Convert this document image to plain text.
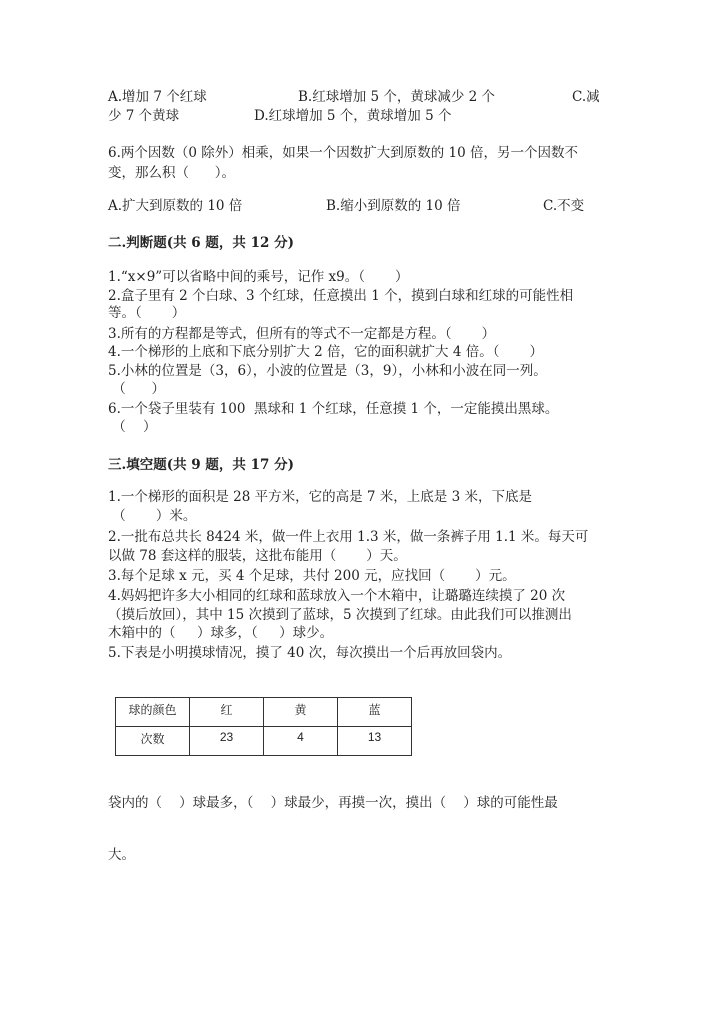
A.增加 7 个红球	B.红球增加 5 个，黄球减少 2 个	C.减
少 7 个黄球	D.红球增加 5 个，黄球增加 5 个
6.两个因数（0 除外）相乘，如果一个因数扩大到原数的 10 倍，另一个因数不
变，那么积（      ）。
A.扩大到原数的 10 倍	B.缩小到原数的 10 倍	C.不变
二.判断题(共 6 题，共 12 分)
1.“x×9”可以省略中间的乘号，记作 x9。（       ）
2.盒子里有 2 个白球、3 个红球，任意摸出 1 个，摸到白球和红球的可能性相
等。（       ）
3.所有的方程都是等式，但所有的等式不一定都是方程。（       ）
4.一个梯形的上底和下底分别扩大 2 倍，它的面积就扩大 4 倍。（       ）
5.小林的位置是（3，6），小波的位置是（3，9），小林和小波在同一列。
（      ）
6.一个袋子里装有 100  黑球和 1 个红球，任意摸 1 个，一定能摸出黑球。
（    ）
三.填空题(共 9 题，共 17 分)
1.一个梯形的面积是 28 平方米，它的高是 7 米，上底是 3 米，下底是
（       ）米。
2.一批布总共长 8424 米，做一件上衣用 1.3 米，做一条裤子用 1.1 米。每天可
以做 78 套这样的服装，这批布能用（       ）天。
3.每个足球 x 元，买 4 个足球，共付 200 元，应找回（       ）元。
4.妈妈把许多大小相同的红球和蓝球放入一个木箱中，让璐璐连续摸了 20 次
（摸后放回），其中 15 次摸到了蓝球，5 次摸到了红球。由此我们可以推测出
木箱中的（     ）球多，（     ）球少。
5.下表是小明摸球情况，摸了 40 次，每次摸出一个后再放回袋内。
球的颜色	红	黄	蓝
次数	23	4	13
袋内的（    ）球最多，（    ）球最少，再摸一次，摸出（    ）球的可能性最
大。
